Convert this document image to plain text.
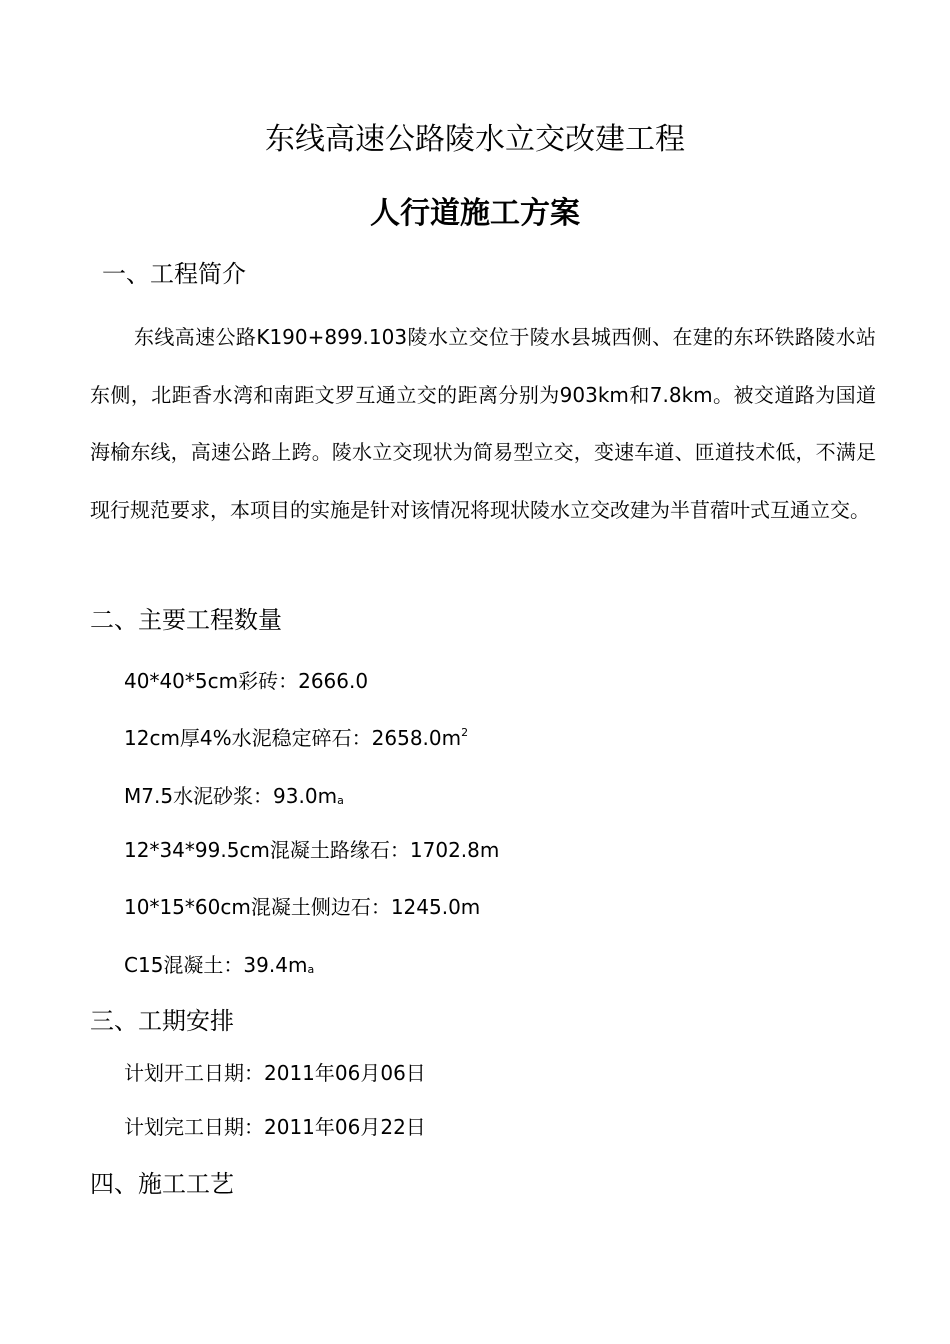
东线高速公路陵水立交改建工程
人行道施工方案
一、工程简介

东线高速公路K190+899.103陵水立交位于陵水县城西侧、在建的东环铁路陵水站东侧，北距香水湾和南距文罗互通立交的距离分别为903km和7.8km。被交道路为国道海榆东线，高速公路上跨。陵水立交现状为简易型立交，变速车道、匝道技术低，不满足现行规范要求，本项目的实施是针对该情况将现状陵水立交改建为半苜蓿叶式互通立交。

二、主要工程数量
40*40*5cm彩砖：2666.0
12cm厚4%水泥稳定碎石：$2658.0m^2$
M7.5水泥砂浆：93.0ma
12*34*99.5cm混凝土路缘石：1702.8m
10*15*60cm混凝土侧边石：1245.0m
C15混凝土：39.4ma
三、工期安排
计划开工日期：2011年06月06日
计划完工日期：2011年06月22日
四、施工工艺
